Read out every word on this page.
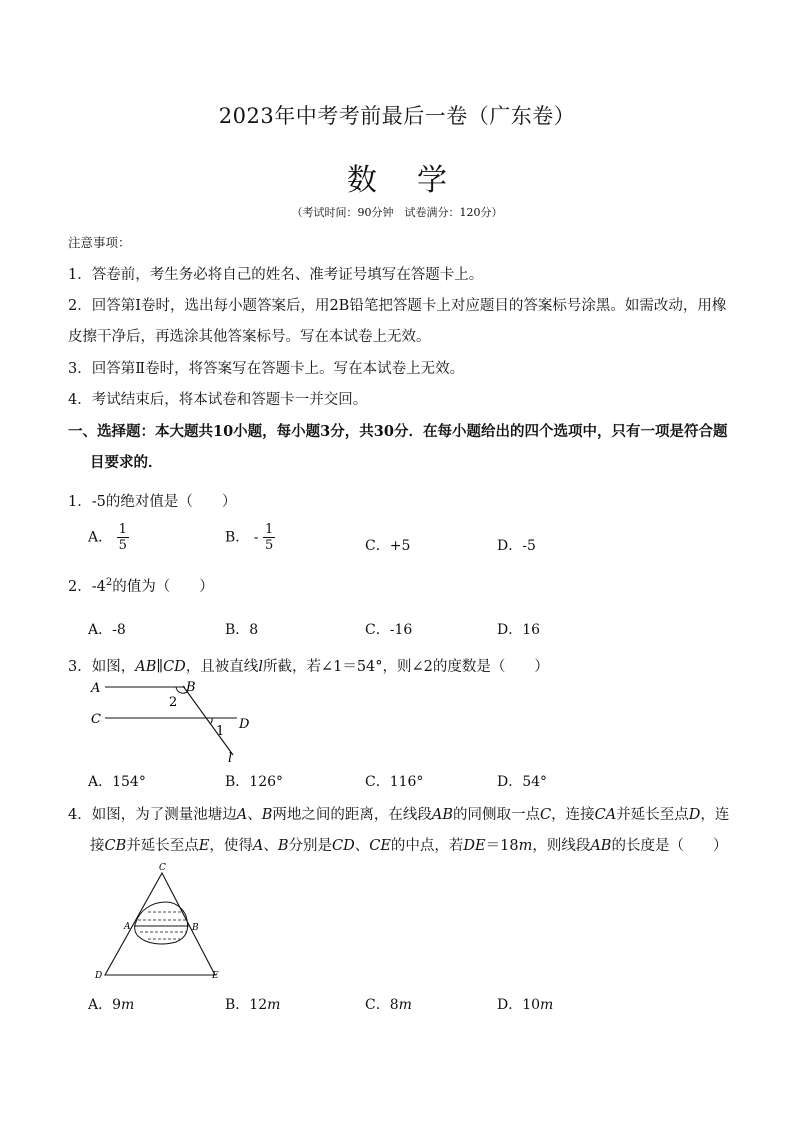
2023年中考考前最后一卷（广东卷）
数学
（考试时间：90分钟　试卷满分：120分）
注意事项：
1．答卷前，考生务必将自己的姓名、准考证号填写在答题卡上。
2．回答第Ⅰ卷时，选出每小题答案后，用2B铅笔把答题卡上对应题目的答案标号涂黑。如需改动，用橡
皮擦干净后，再选涂其他答案标号。写在本试卷上无效。
3．回答第Ⅱ卷时，将答案写在答题卡上。写在本试卷上无效。
4．考试结束后，将本试卷和答题卡一并交回。
一、选择题：本大题共10小题，每小题3分，共30分．在每小题给出的四个选项中，只有一项是符合题
目要求的．
1．-5的绝对值是（　　）
A． $\frac{1}{5}$	B． - $\frac{1}{5}$	C．+5	D．-5
2．$-4^2$的值为（　　）
A．-8	B．8	C．-16	D．16
3．如图，AB∥CD，且被直线l所截，若∠1＝54°，则∠2的度数是（　　）
A	B
C	D
l
1
2
A．154°	B．126°	C．116°	D．54°
4．如图，为了测量池塘边A、B两地之间的距离，在线段AB的同侧取一点C，连接CA并延长至点D，连
接CB并延长至点E，使得A、B分别是CD、CE的中点，若DE＝18m，则线段AB的长度是（　　）
C
A	B
D	E
A．9m	B．12m	C．8m	D．10m
